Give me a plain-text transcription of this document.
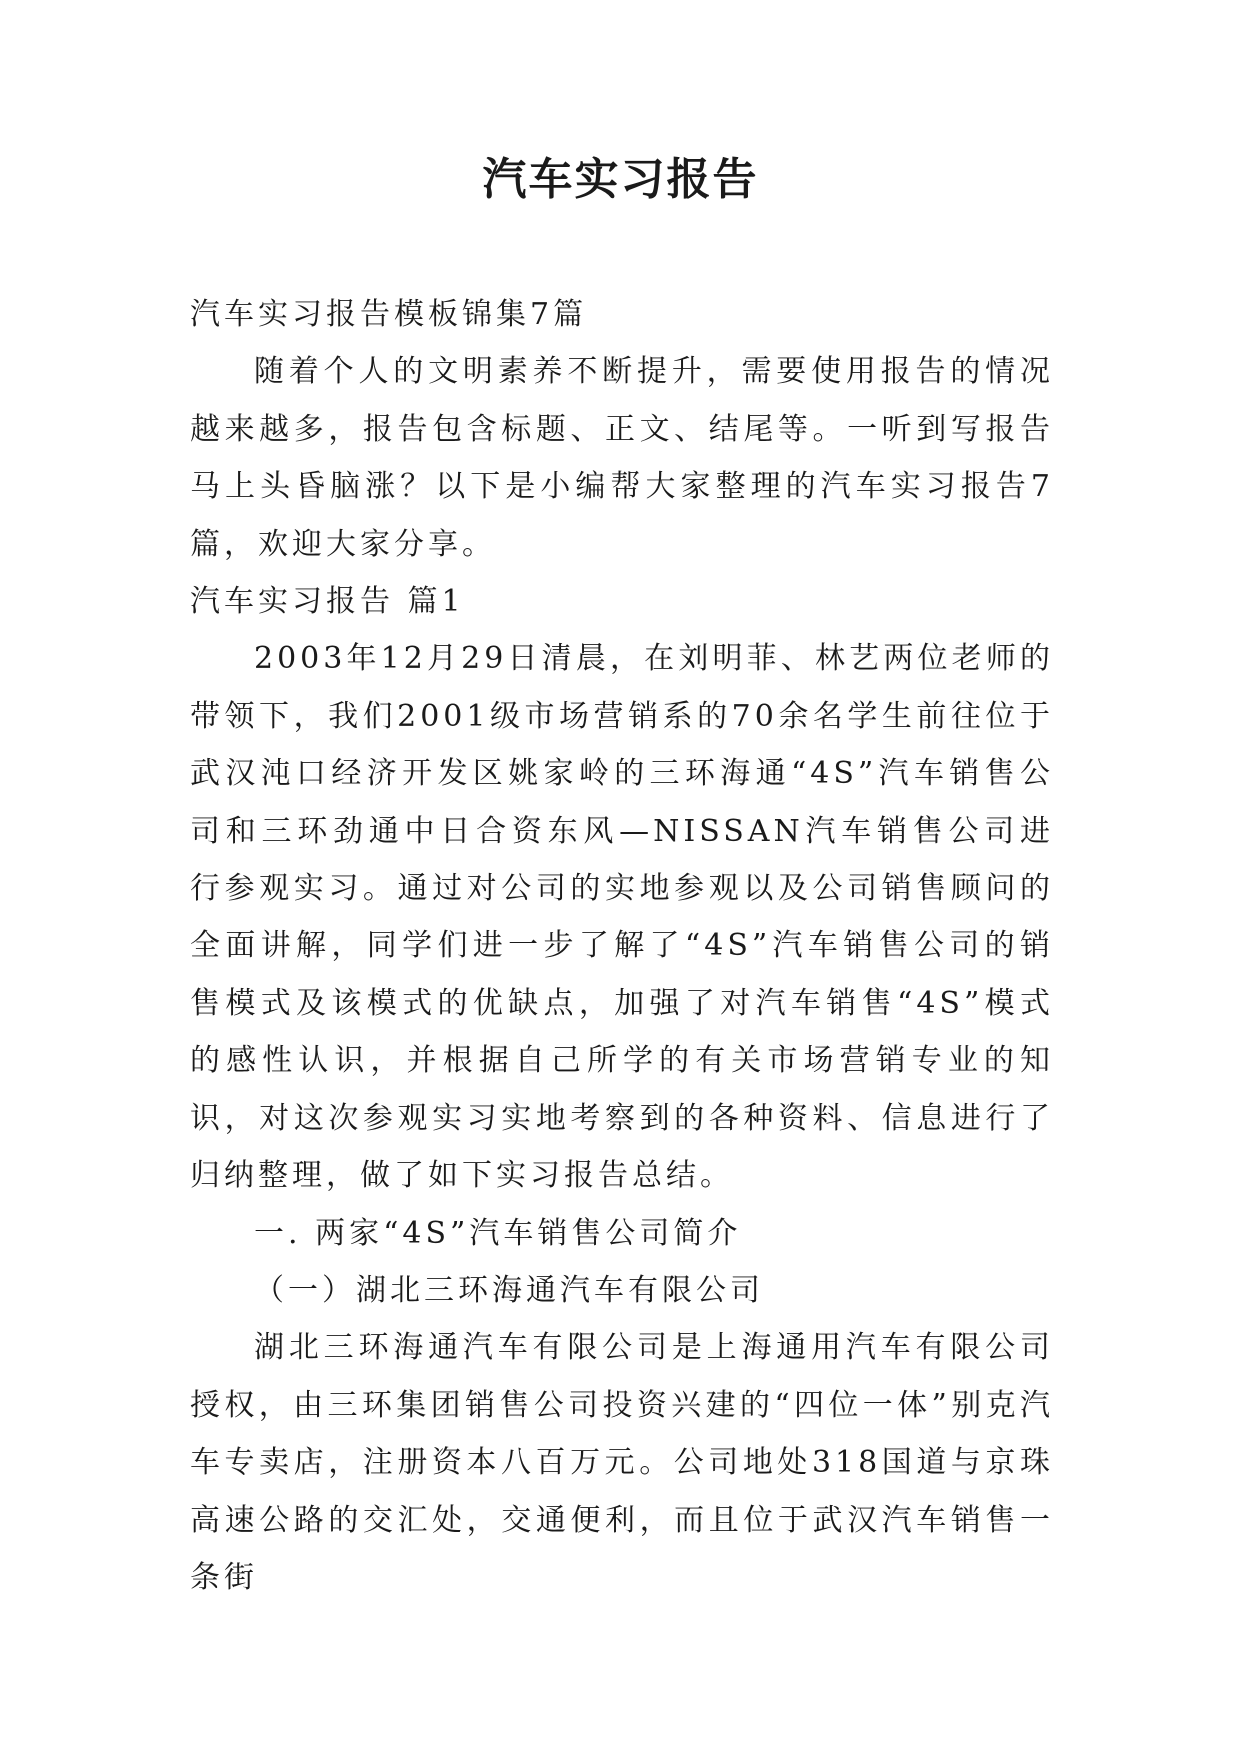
汽车实习报告

汽车实习报告模板锦集7篇

随着个人的文明素养不断提升，需要使用报告的情况越来越多，报告包含标题、正文、结尾等。一听到写报告马上头昏脑涨？以下是小编帮大家整理的汽车实习报告7篇，欢迎大家分享。

汽车实习报告 篇1

2003年12月29日清晨，在刘明菲、林艺两位老师的带领下，我们2001级市场营销系的70余名学生前往位于武汉沌口经济开发区姚家岭的三环海通“4S”汽车销售公司和三环劲通中日合资东风—NISSAN汽车销售公司进行参观实习。通过对公司的实地参观以及公司销售顾问的全面讲解，同学们进一步了解了“4S”汽车销售公司的销售模式及该模式的优缺点，加强了对汽车销售“4S”模式的感性认识，并根据自己所学的有关市场营销专业的知识，对这次参观实习实地考察到的各种资料、信息进行了归纳整理，做了如下实习报告总结。

一. 两家“4S”汽车销售公司简介

（一）湖北三环海通汽车有限公司

湖北三环海通汽车有限公司是上海通用汽车有限公司授权，由三环集团销售公司投资兴建的“四位一体”别克汽车专卖店，注册资本八百万元。公司地处318国道与京珠高速公路的交汇处，交通便利，而且位于武汉汽车销售一条街
